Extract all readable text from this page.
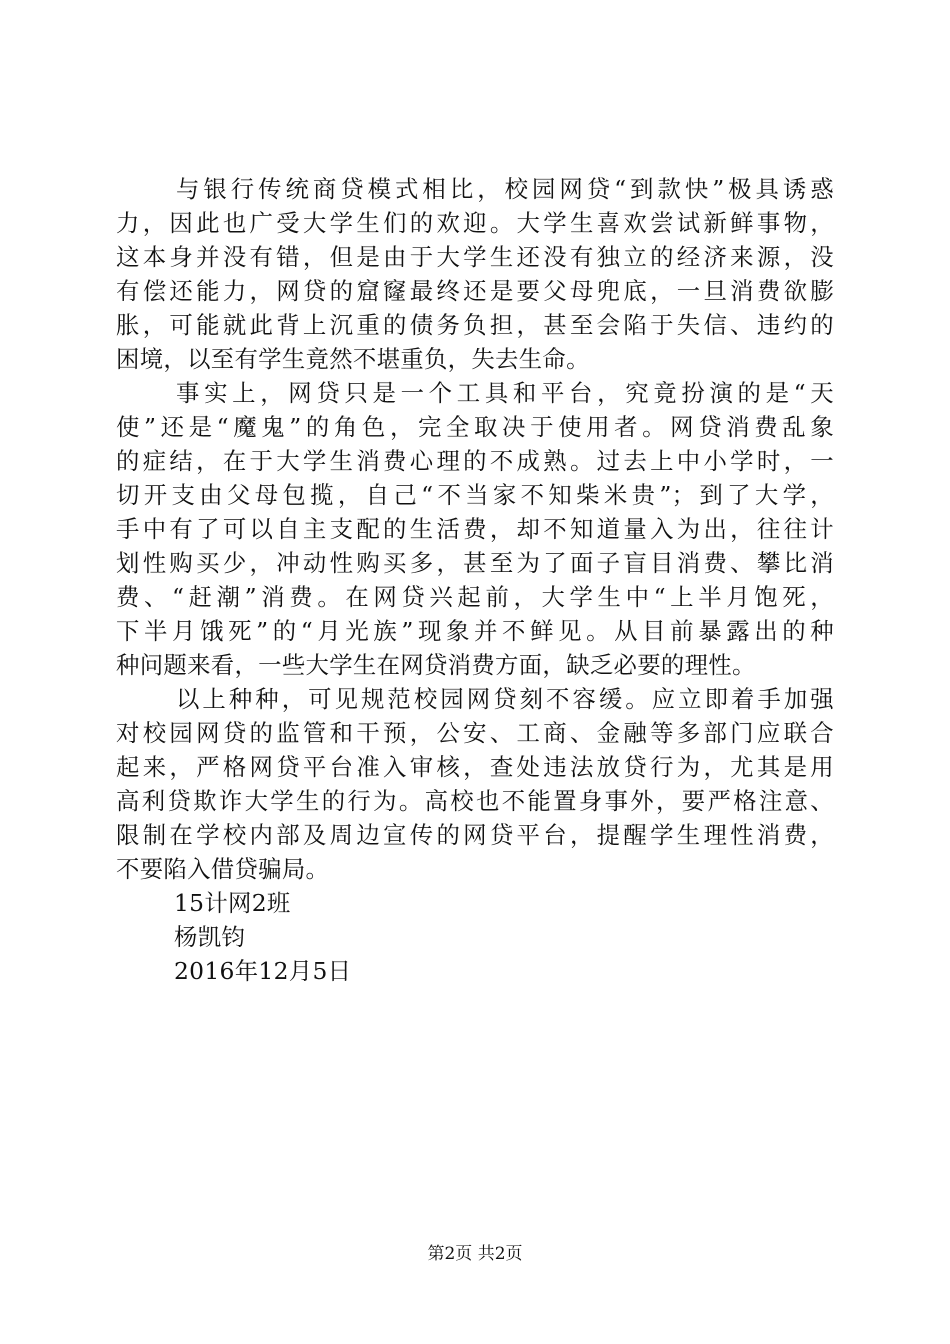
与银行传统商贷模式相比，校园网贷“到款快”极具诱惑
力，因此也广受大学生们的欢迎。大学生喜欢尝试新鲜事物，
这本身并没有错，但是由于大学生还没有独立的经济来源，没
有偿还能力，网贷的窟窿最终还是要父母兜底，一旦消费欲膨
胀，可能就此背上沉重的债务负担，甚至会陷于失信、违约的
困境，以至有学生竟然不堪重负，失去生命。
事实上，网贷只是一个工具和平台，究竟扮演的是“天
使”还是“魔鬼”的角色，完全取决于使用者。网贷消费乱象
的症结，在于大学生消费心理的不成熟。过去上中小学时，一
切开支由父母包揽，自己“不当家不知柴米贵”；到了大学，
手中有了可以自主支配的生活费，却不知道量入为出，往往计
划性购买少，冲动性购买多，甚至为了面子盲目消费、攀比消
费、“赶潮”消费。在网贷兴起前，大学生中“上半月饱死，
下半月饿死”的“月光族”现象并不鲜见。从目前暴露出的种
种问题来看，一些大学生在网贷消费方面，缺乏必要的理性。
以上种种，可见规范校园网贷刻不容缓。应立即着手加强
对校园网贷的监管和干预，公安、工商、金融等多部门应联合
起来，严格网贷平台准入审核，查处违法放贷行为，尤其是用
高利贷欺诈大学生的行为。高校也不能置身事外，要严格注意、
限制在学校内部及周边宣传的网贷平台，提醒学生理性消费，
不要陷入借贷骗局。
15计网2班
杨凯钧
2016年12月5日
第2页 共2页
